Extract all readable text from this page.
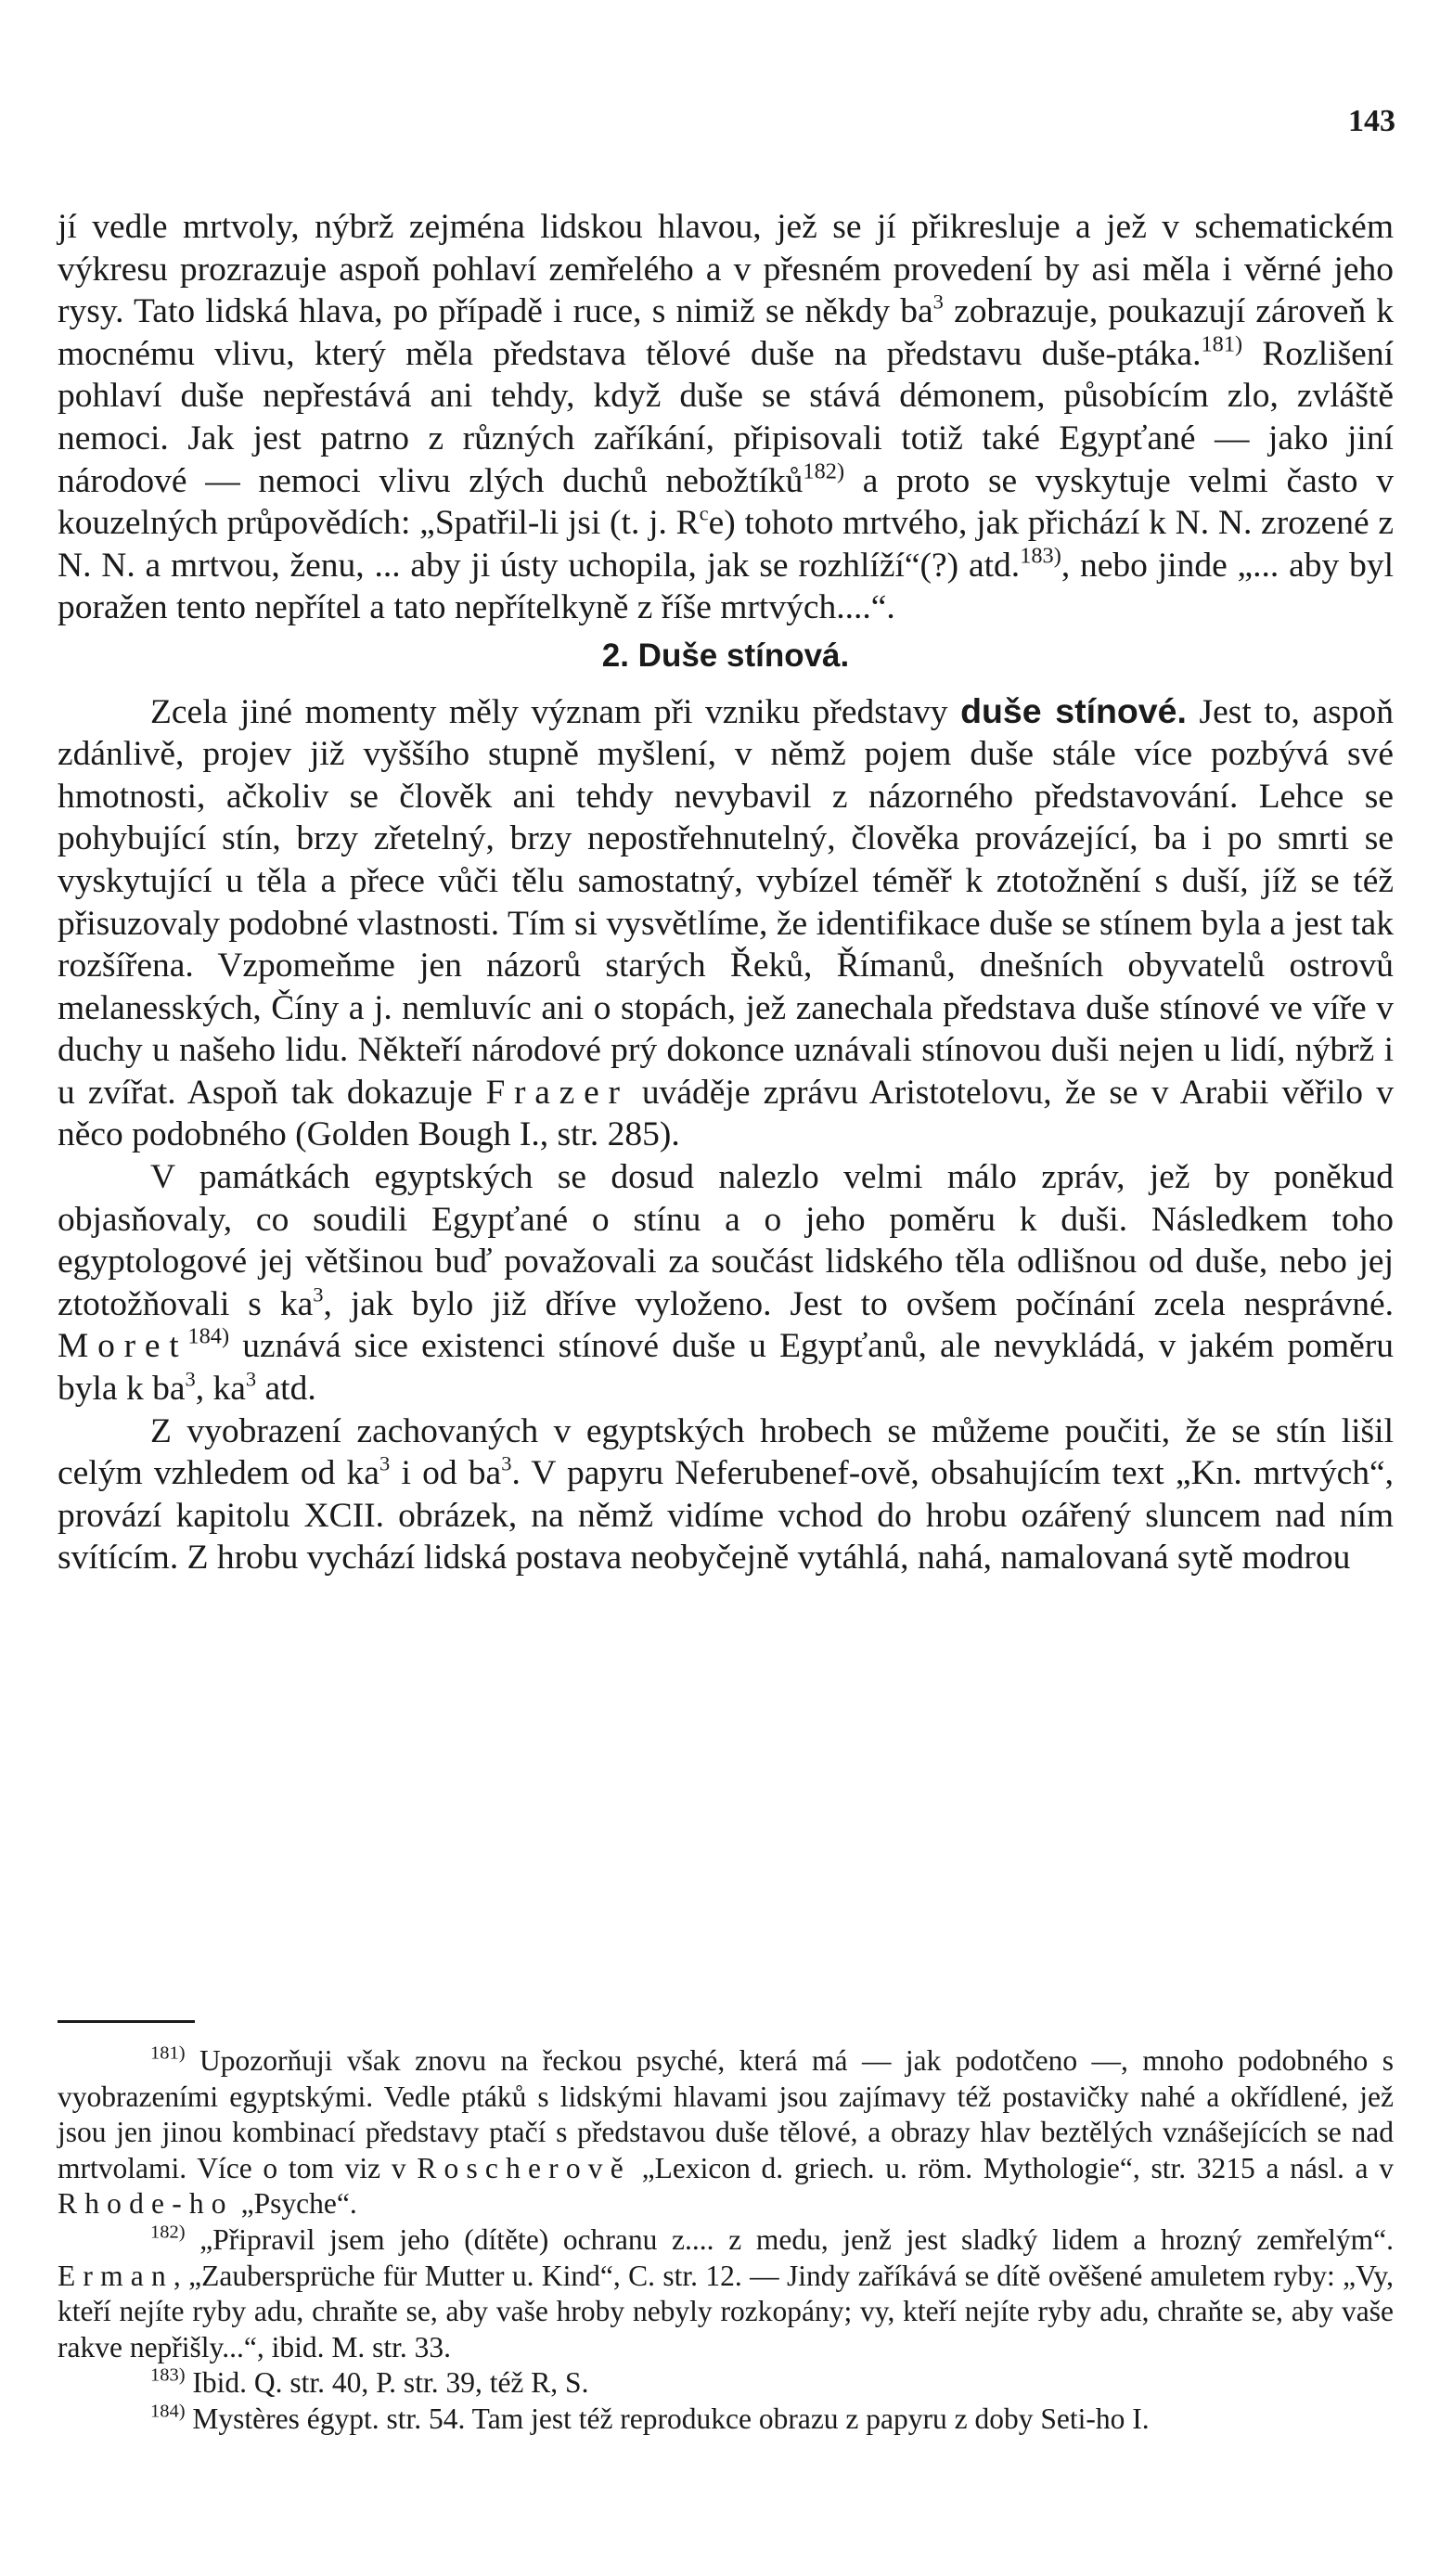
143

jí vedle mrtvoly, nýbrž zejména lidskou hlavou, jež se jí přikresluje a jež v schematickém výkresu prozrazuje aspoň pohlaví zemřelého a v přesném provedení by asi měla i věrné jeho rysy. Tato lidská hlava, po případě i ruce, s nimiž se někdy $ba^3$ zobrazuje, poukazují zároveň k mocnému vlivu, který měla představa tělové duše na představu duše-ptáka.$^{181)}$ Rozlišení pohlaví duše nepřestává ani tehdy, když duše se stává démonem, působícím zlo, zvláště nemoci. Jak jest patrno z různých zaříkání, připisovali totiž také Egypťané — jako jiní národové — nemoci vlivu zlých duchů nebožtíků$^{182)}$ a proto se vyskytuje velmi často v kouzelných průpovědích: „Spatřil-li jsi (t. j. $R^ce$) tohoto mrtvého, jak přichází k N. N. zrozené z N. N. a mrtvou, ženu, ... aby ji ústy uchopila, jak se rozhlíží“(?) atd.$^{183)}$, nebo jinde „... aby byl poražen tento nepřítel a tato nepřítelkyně z říše mrtvých....“.

2. Duše stínová.

Zcela jiné momenty měly význam při vzniku představy duše stínové. Jest to, aspoň zdánlivě, projev již vyššího stupně myšlení, v němž pojem duše stále více pozbývá své hmotnosti, ačkoliv se člověk ani tehdy nevybavil z názorného představování. Lehce se pohybující stín, brzy zřetelný, brzy nepostřehnutelný, člověka provázející, ba i po smrti se vyskytující u těla a přece vůči tělu samostatný, vybízel téměř k ztotožnění s duší, jíž se též přisuzovaly podobné vlastnosti. Tím si vysvětlíme, že identifikace duše se stínem byla a jest tak rozšířena. Vzpomeňme jen názorů starých Řeků, Římanů, dnešních obyvatelů ostrovů melanesských, Číny a j. nemluvíc ani o stopách, jež zanechala představa duše stínové ve víře v duchy u našeho lidu. Někteří národové prý dokonce uznávali stínovou duši nejen u lidí, nýbrž i u zvířat. Aspoň tak dokazuje Frazer uváděje zprávu Aristotelovu, že se v Arabii věřilo v něco podobného (Golden Bough I., str. 285).

V památkách egyptských se dosud nalezlo velmi málo zpráv, jež by poněkud objasňovaly, co soudili Egypťané o stínu a o jeho poměru k duši. Následkem toho egyptologové jej většinou buď považovali za součást lidského těla odlišnou od duše, nebo jej ztotožňovali s $ka^3$, jak bylo již dříve vyloženo. Jest to ovšem počínání zcela nesprávné. Moret$^{184)}$ uznává sice existenci stínové duše u Egypťanů, ale nevykládá, v jakém poměru byla k $ba^3$, $ka^3$ atd.

Z vyobrazení zachovaných v egyptských hrobech se můžeme poučiti, že se stín lišil celým vzhledem od $ka^3$ i od $ba^3$. V papyru Neferubenef-ově, obsahujícím text „Kn. mrtvých“, provází kapitolu XCII. obrázek, na němž vidíme vchod do hrobu ozářený sluncem nad ním svítícím. Z hrobu vychází lidská postava neobyčejně vytáhlá, nahá, namalovaná sytě modrou

$^{181)}$ Upozorňuji však znovu na řeckou psyché, která má — jak podotčeno —, mnoho podobného s vyobrazeními egyptskými. Vedle ptáků s lidskými hlavami jsou zajímavy též postavičky nahé a okřídlené, jež jsou jen jinou kombinací představy ptačí s představou duše tělové, a obrazy hlav beztělých vznášejících se nad mrtvolami. Více o tom viz v Roscherově „Lexicon d. griech. u. röm. Mythologie“, str. 3215 a násl. a v Rhode-ho „Psyche“.

$^{182)}$ „Připravil jsem jeho (dítěte) ochranu z.... z medu, jenž jest sladký lidem a hrozný zemřelým“. Erman, „Zaubersprüche für Mutter u. Kind“, C. str. 12. — Jindy zaříkává se dítě ověšené amuletem ryby: „Vy, kteří nejíte ryby adu, chraňte se, aby vaše hroby nebyly rozkopány; vy, kteří nejíte ryby adu, chraňte se, aby vaše rakve nepřišly...“, ibid. M. str. 33.

$^{183)}$ Ibid. Q. str. 40, P. str. 39, též R, S.

$^{184)}$ Mystères égypt. str. 54. Tam jest též reprodukce obrazu z papyru z doby Seti-ho I.
